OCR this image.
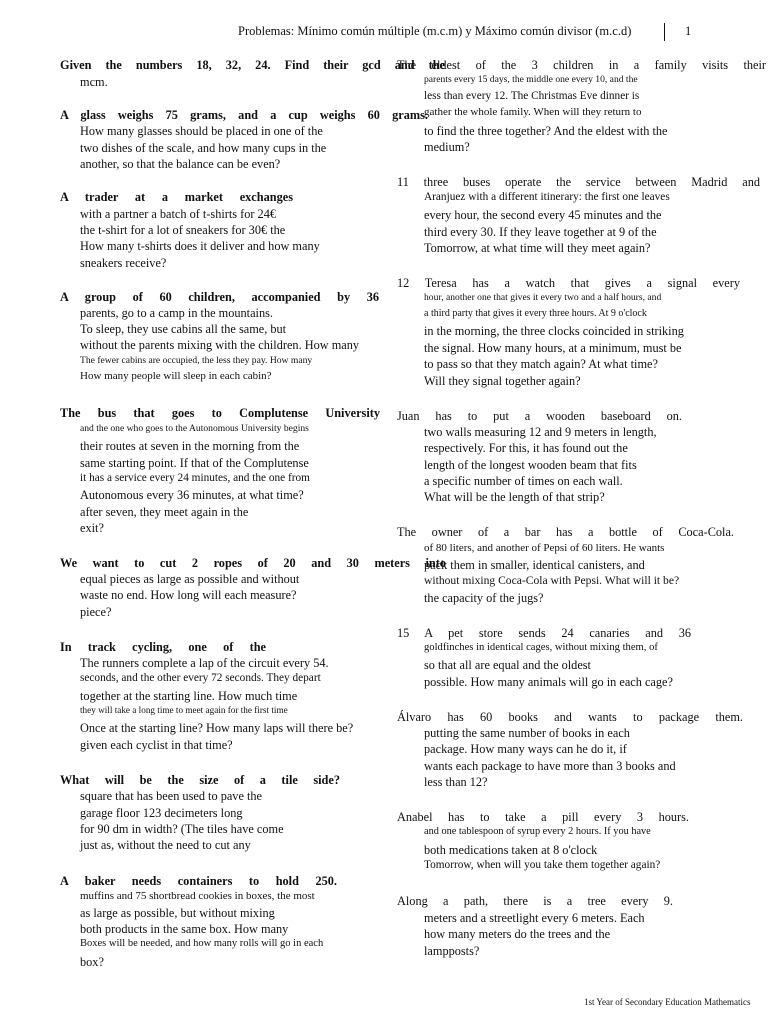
Problemas: Mínimo común múltiple (m.c.m) y Máximo común divisor (m.c.d)	1
Given the numbers 18, 32, 24. Find their gcd and the
mcm.
A glass weighs 75 grams, and a cup weighs 60 grams.
How many glasses should be placed in one of the
two dishes of the scale, and how many cups in the
another, so that the balance can be even?
A trader at a market exchanges
with a partner a batch of t-shirts for 24€
the t-shirt for a lot of sneakers for 30€ the
How many t-shirts does it deliver and how many
sneakers receive?
A group of 60 children, accompanied by 36
parents, go to a camp in the mountains.
To sleep, they use cabins all the same, but
without the parents mixing with the children. How many
The fewer cabins are occupied, the less they pay. How many
How many people will sleep in each cabin?
The bus that goes to Complutense University
and the one who goes to the Autonomous University begins
their routes at seven in the morning from the
same starting point. If that of the Complutense
it has a service every 24 minutes, and the one from
Autonomous every 36 minutes, at what time?
after seven, they meet again in the
exit?
We want to cut 2 ropes of 20 and 30 meters into
equal pieces as large as possible and without
waste no end. How long will each measure?
piece?
In track cycling, one of the
The runners complete a lap of the circuit every 54.
seconds, and the other every 72 seconds. They depart
together at the starting line. How much time
they will take a long time to meet again for the first time
Once at the starting line? How many laps will there be?
given each cyclist in that time?
What will be the size of a tile side?
square that has been used to pave the
garage floor 123 decimeters long
for 90 dm in width? (The tiles have come
just as, without the need to cut any
A baker needs containers to hold 250.
muffins and 75 shortbread cookies in boxes, the most
as large as possible, but without mixing
both products in the same box. How many
Boxes will be needed, and how many rolls will go in each
box?
The eldest of the 3 children in a family visits their
parents every 15 days, the middle one every 10, and the
less than every 12. The Christmas Eve dinner is
gather the whole family. When will they return to
to find the three together? And the eldest with the
medium?
11 three buses operate the service between Madrid and
Aranjuez with a different itinerary: the first one leaves
every hour, the second every 45 minutes and the
third every 30. If they leave together at 9 of the
Tomorrow, at what time will they meet again?
12 Teresa has a watch that gives a signal every
hour, another one that gives it every two and a half hours, and
a third party that gives it every three hours. At 9 o'clock
in the morning, the three clocks coincided in striking
the signal. How many hours, at a minimum, must be
to pass so that they match again? At what time?
Will they signal together again?
Juan has to put a wooden baseboard on.
two walls measuring 12 and 9 meters in length,
respectively. For this, it has found out the
length of the longest wooden beam that fits
a specific number of times on each wall.
What will be the length of that strip?
The owner of a bar has a bottle of Coca-Cola.
of 80 liters, and another of Pepsi of 60 liters. He wants
pack them in smaller, identical canisters, and
without mixing Coca-Cola with Pepsi. What will it be?
the capacity of the jugs?
15 A pet store sends 24 canaries and 36
goldfinches in identical cages, without mixing them, of
so that all are equal and the oldest
possible. How many animals will go in each cage?
Álvaro has 60 books and wants to package them.
putting the same number of books in each
package. How many ways can he do it, if
wants each package to have more than 3 books and
less than 12?
Anabel has to take a pill every 3 hours.
and one tablespoon of syrup every 2 hours. If you have
both medications taken at 8 o'clock
Tomorrow, when will you take them together again?
Along a path, there is a tree every 9.
meters and a streetlight every 6 meters. Each
how many meters do the trees and the
lampposts?
1st Year of Secondary Education Mathematics
